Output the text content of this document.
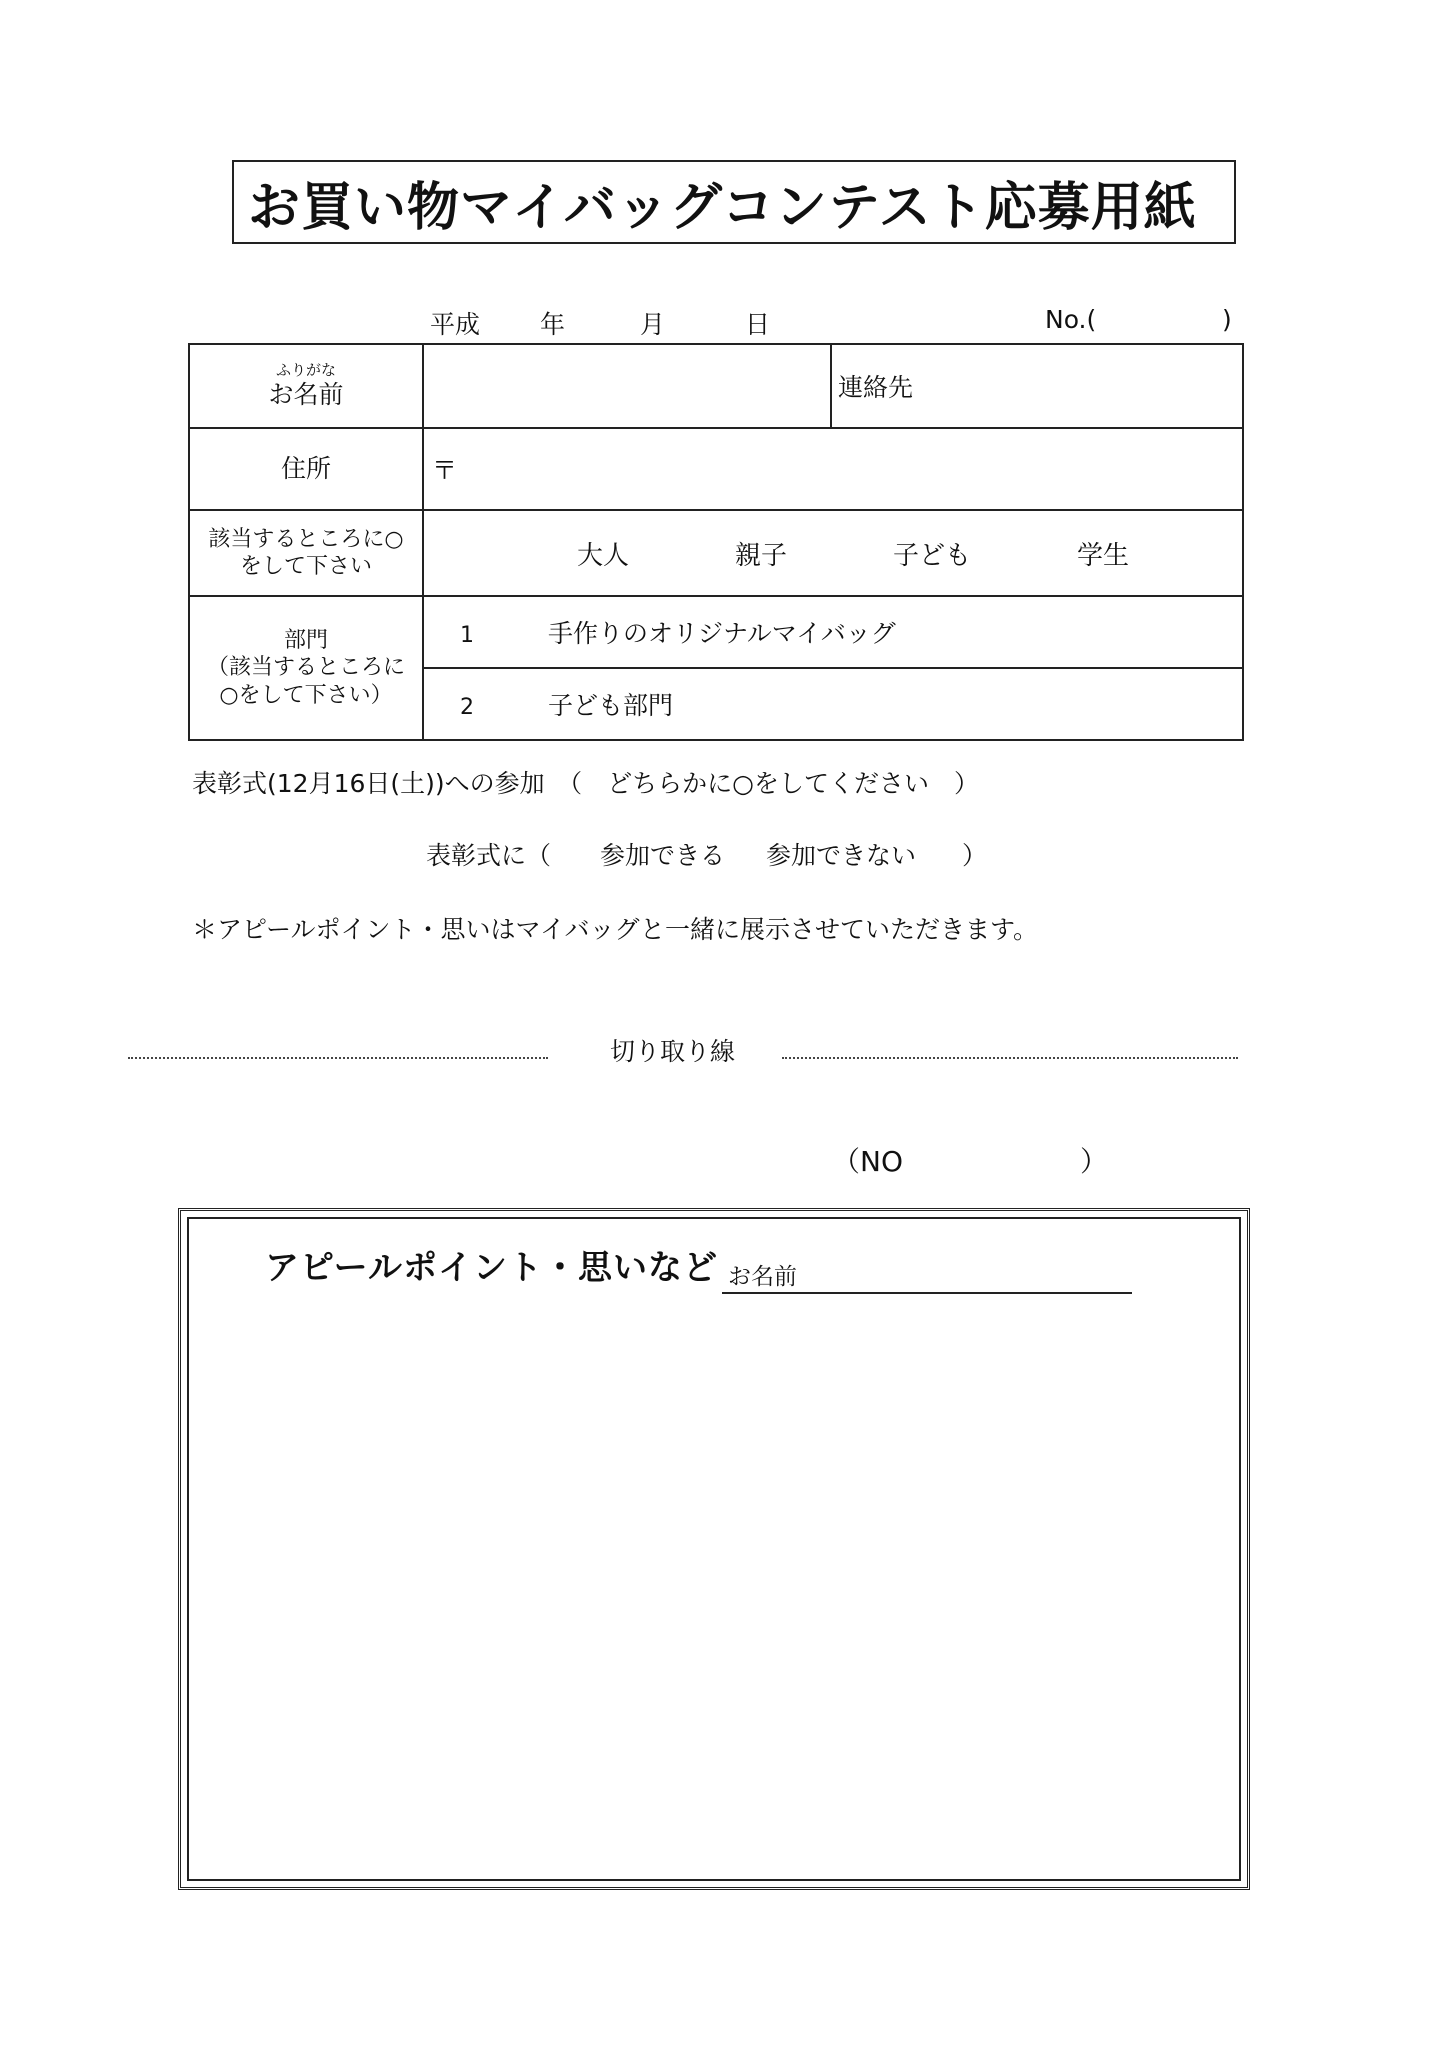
お買い物マイバッグコンテスト応募用紙
平成 年	月	日	No.(	)
ふりがな
お名前		連絡先
住所	〒	

該当するところに○
をして下さい	大人 親子 子ども 学生	

部門
（該当するところに
○をして下さい）	1 手作りのオリジナルマイバッグ	
	2 子ども部門	
表彰式(12月16日(土))への参加　（　どちらかに○をしてください　）
表彰式に（ 参加できる 参加できない ）
＊アピールポイント・思いはマイバッグと一緒に展示させていただきます。
切り取り線
（NO	）
アピールポイント・思いなど お名前
